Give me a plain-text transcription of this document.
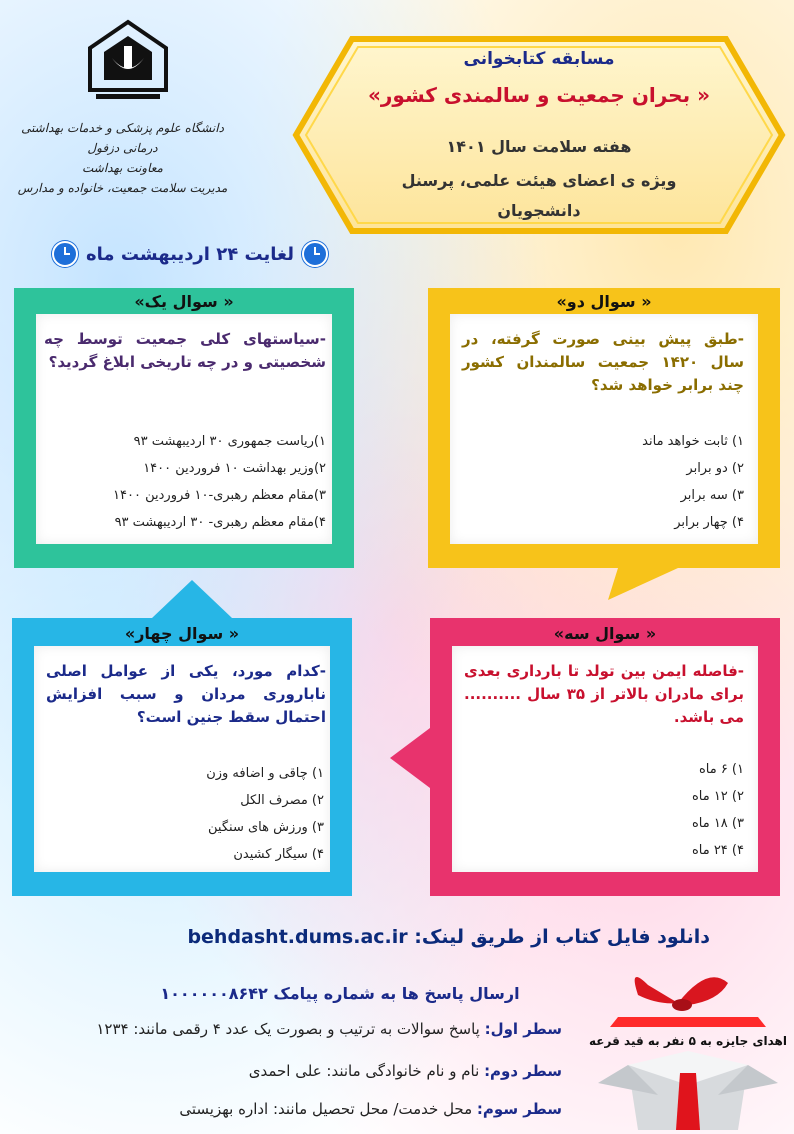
دانشگاه علوم پزشکی و خدمات بهداشتی درمانی دزفول
معاونت بهداشت
مدیریت سلامت جمعیت، خانواده و مدارس
مسابقه کتابخوانی
« بحران جمعیت و سالمندی کشور»
هفته سلامت سال ۱۴۰۱
ویژه ی اعضای هیئت علمی، پرسنل
دانشجویان
لغایت ۲۴ اردیبهشت ماه
« سوال یک»
-سیاستهای کلی جمعیت توسط چه شخصیتی و در چه تاریخی ابلاغ گردید؟
۱)ریاست جمهوری ۳۰ اردیبهشت ۹۳
۲)وزیر بهداشت ۱۰ فروردین ۱۴۰۰
۳)مقام معظم رهبری-۱۰ فروردین ۱۴۰۰
۴)مقام معظم رهبری- ۳۰ اردیبهشت ۹۳
« سوال دو»
-طبق پیش بینی صورت گرفته، در سال ۱۴۲۰ جمعیت سالمندان کشور چند برابر خواهد شد؟
۱) ثابت خواهد ماند
۲) دو برابر
۳) سه برابر
۴) چهار برابر
« سوال چهار»
-کدام مورد، یکی از عوامل اصلی ناباروری مردان و سبب افزایش احتمال سقط جنین است؟
۱) چاقی و اضافه وزن
۲) مصرف الکل
۳) ورزش های سنگین
۴) سیگار کشیدن
« سوال سه»
-فاصله ایمن بین تولد تا بارداری بعدی برای مادران بالاتر از ۳۵ سال .......... می باشد.
۱) ۶ ماه
۲) ۱۲ ماه
۳) ۱۸ ماه
۴) ۲۴ ماه
دانلود فایل کتاب از طریق لینک: behdasht.dums.ac.ir
ارسال پاسخ ها به شماره پیامک ۱۰۰۰۰۰۰۸۶۴۲
سطر اول: پاسخ سوالات به ترتیب و بصورت یک عدد ۴ رقمی مانند: ۱۲۳۴
سطر دوم: نام و نام خانوادگی مانند: علی احمدی
سطر سوم: محل خدمت/ محل تحصیل مانند: اداره بهزیستی
اهدای جایزه به ۵ نفر به قید قرعه
